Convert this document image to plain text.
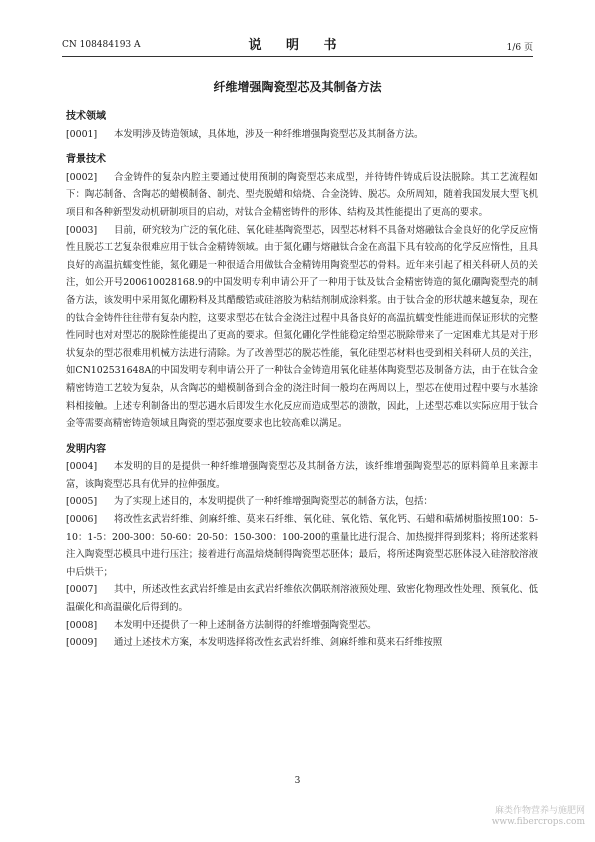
CN 108484193 A	说 明 书	1/6 页
纤维增强陶瓷型芯及其制备方法
技术领域
[0001] 本发明涉及铸造领域，具体地，涉及一种纤维增强陶瓷型芯及其制备方法。
背景技术
[0002] 合金铸件的复杂内腔主要通过使用预制的陶瓷型芯来成型，并待铸件铸成后设法脱除。其工艺流程如下：陶芯制备、含陶芯的蜡模制备、制壳、型壳脱蜡和焙烧、合金浇铸、脱芯。众所周知，随着我国发展大型飞机项目和各种新型发动机研制项目的启动，对钛合金精密铸件的形体、结构及其性能提出了更高的要求。
[0003] 目前，研究较为广泛的氧化硅、氧化硅基陶瓷型芯，因型芯材料不具备对熔融钛合金良好的化学反应惰性且脱芯工艺复杂很难应用于钛合金精铸领域。由于氮化硼与熔融钛合金在高温下具有较高的化学反应惰性，且具良好的高温抗蠕变性能，氮化硼是一种很适合用做钛合金精铸用陶瓷型芯的骨料。近年来引起了相关科研人员的关注，如公开号200610028168.9的中国发明专利申请公开了一种用于钛及钛合金精密铸造的氮化硼陶瓷型壳的制备方法，该发明中采用氮化硼粉料及其醋酸锆或硅溶胶为粘结剂制成涂料浆。由于钛合金的形状越来越复杂，现在的钛合金铸件往往带有复杂内腔，这要求型芯在钛合金浇注过程中具备良好的高温抗蠕变性能进而保证形状的完整性同时也对对型芯的脱除性能提出了更高的要求。但氮化硼化学性能稳定给型芯脱除带来了一定困难尤其是对于形状复杂的型芯很难用机械方法进行清除。为了改善型芯的脱芯性能，氧化硅型芯材料也受到相关科研人员的关注，如CN102531648A的中国发明专利申请公开了一种钛合金铸造用氧化硅基体陶瓷型芯及制备方法，由于在钛合金精密铸造工艺较为复杂，从含陶芯的蜡模制备到合金的浇注时间一般均在两周以上，型芯在使用过程中要与水基涂料相接触。上述专利制备出的型芯遇水后即发生水化反应而造成型芯的溃散，因此，上述型芯难以实际应用于钛合金等需要高精密铸造领域且陶瓷的型芯强度要求也比较高难以满足。
发明内容
[0004] 本发明的目的是提供一种纤维增强陶瓷型芯及其制备方法，该纤维增强陶瓷型芯的原料简单且来源丰富，该陶瓷型芯具有优异的拉伸强度。
[0005] 为了实现上述目的，本发明提供了一种纤维增强陶瓷型芯的制备方法，包括：
[0006] 将改性玄武岩纤维、剑麻纤维、莫来石纤维、氧化硅、氧化锆、氧化钙、石蜡和萜烯树脂按照100：5-10：1-5：200-300：50-60：20-50：150-300：100-200的重量比进行混合、加热搅拌得到浆料；将所述浆料注入陶瓷型芯模具中进行压注；接着进行高温焙烧制得陶瓷型芯胚体；最后，将所述陶瓷型芯胚体浸入硅溶胶溶液中后烘干；
[0007] 其中，所述改性玄武岩纤维是由玄武岩纤维依次偶联剂溶液预处理、致密化物理改性处理、预氧化、低温碳化和高温碳化后得到的。
[0008] 本发明中还提供了一种上述制备方法制得的纤维增强陶瓷型芯。
[0009] 通过上述技术方案，本发明选择将改性玄武岩纤维、剑麻纤维和莫来石纤维按照
3
麻类作物营养与施肥网
www.fibercrops.com
